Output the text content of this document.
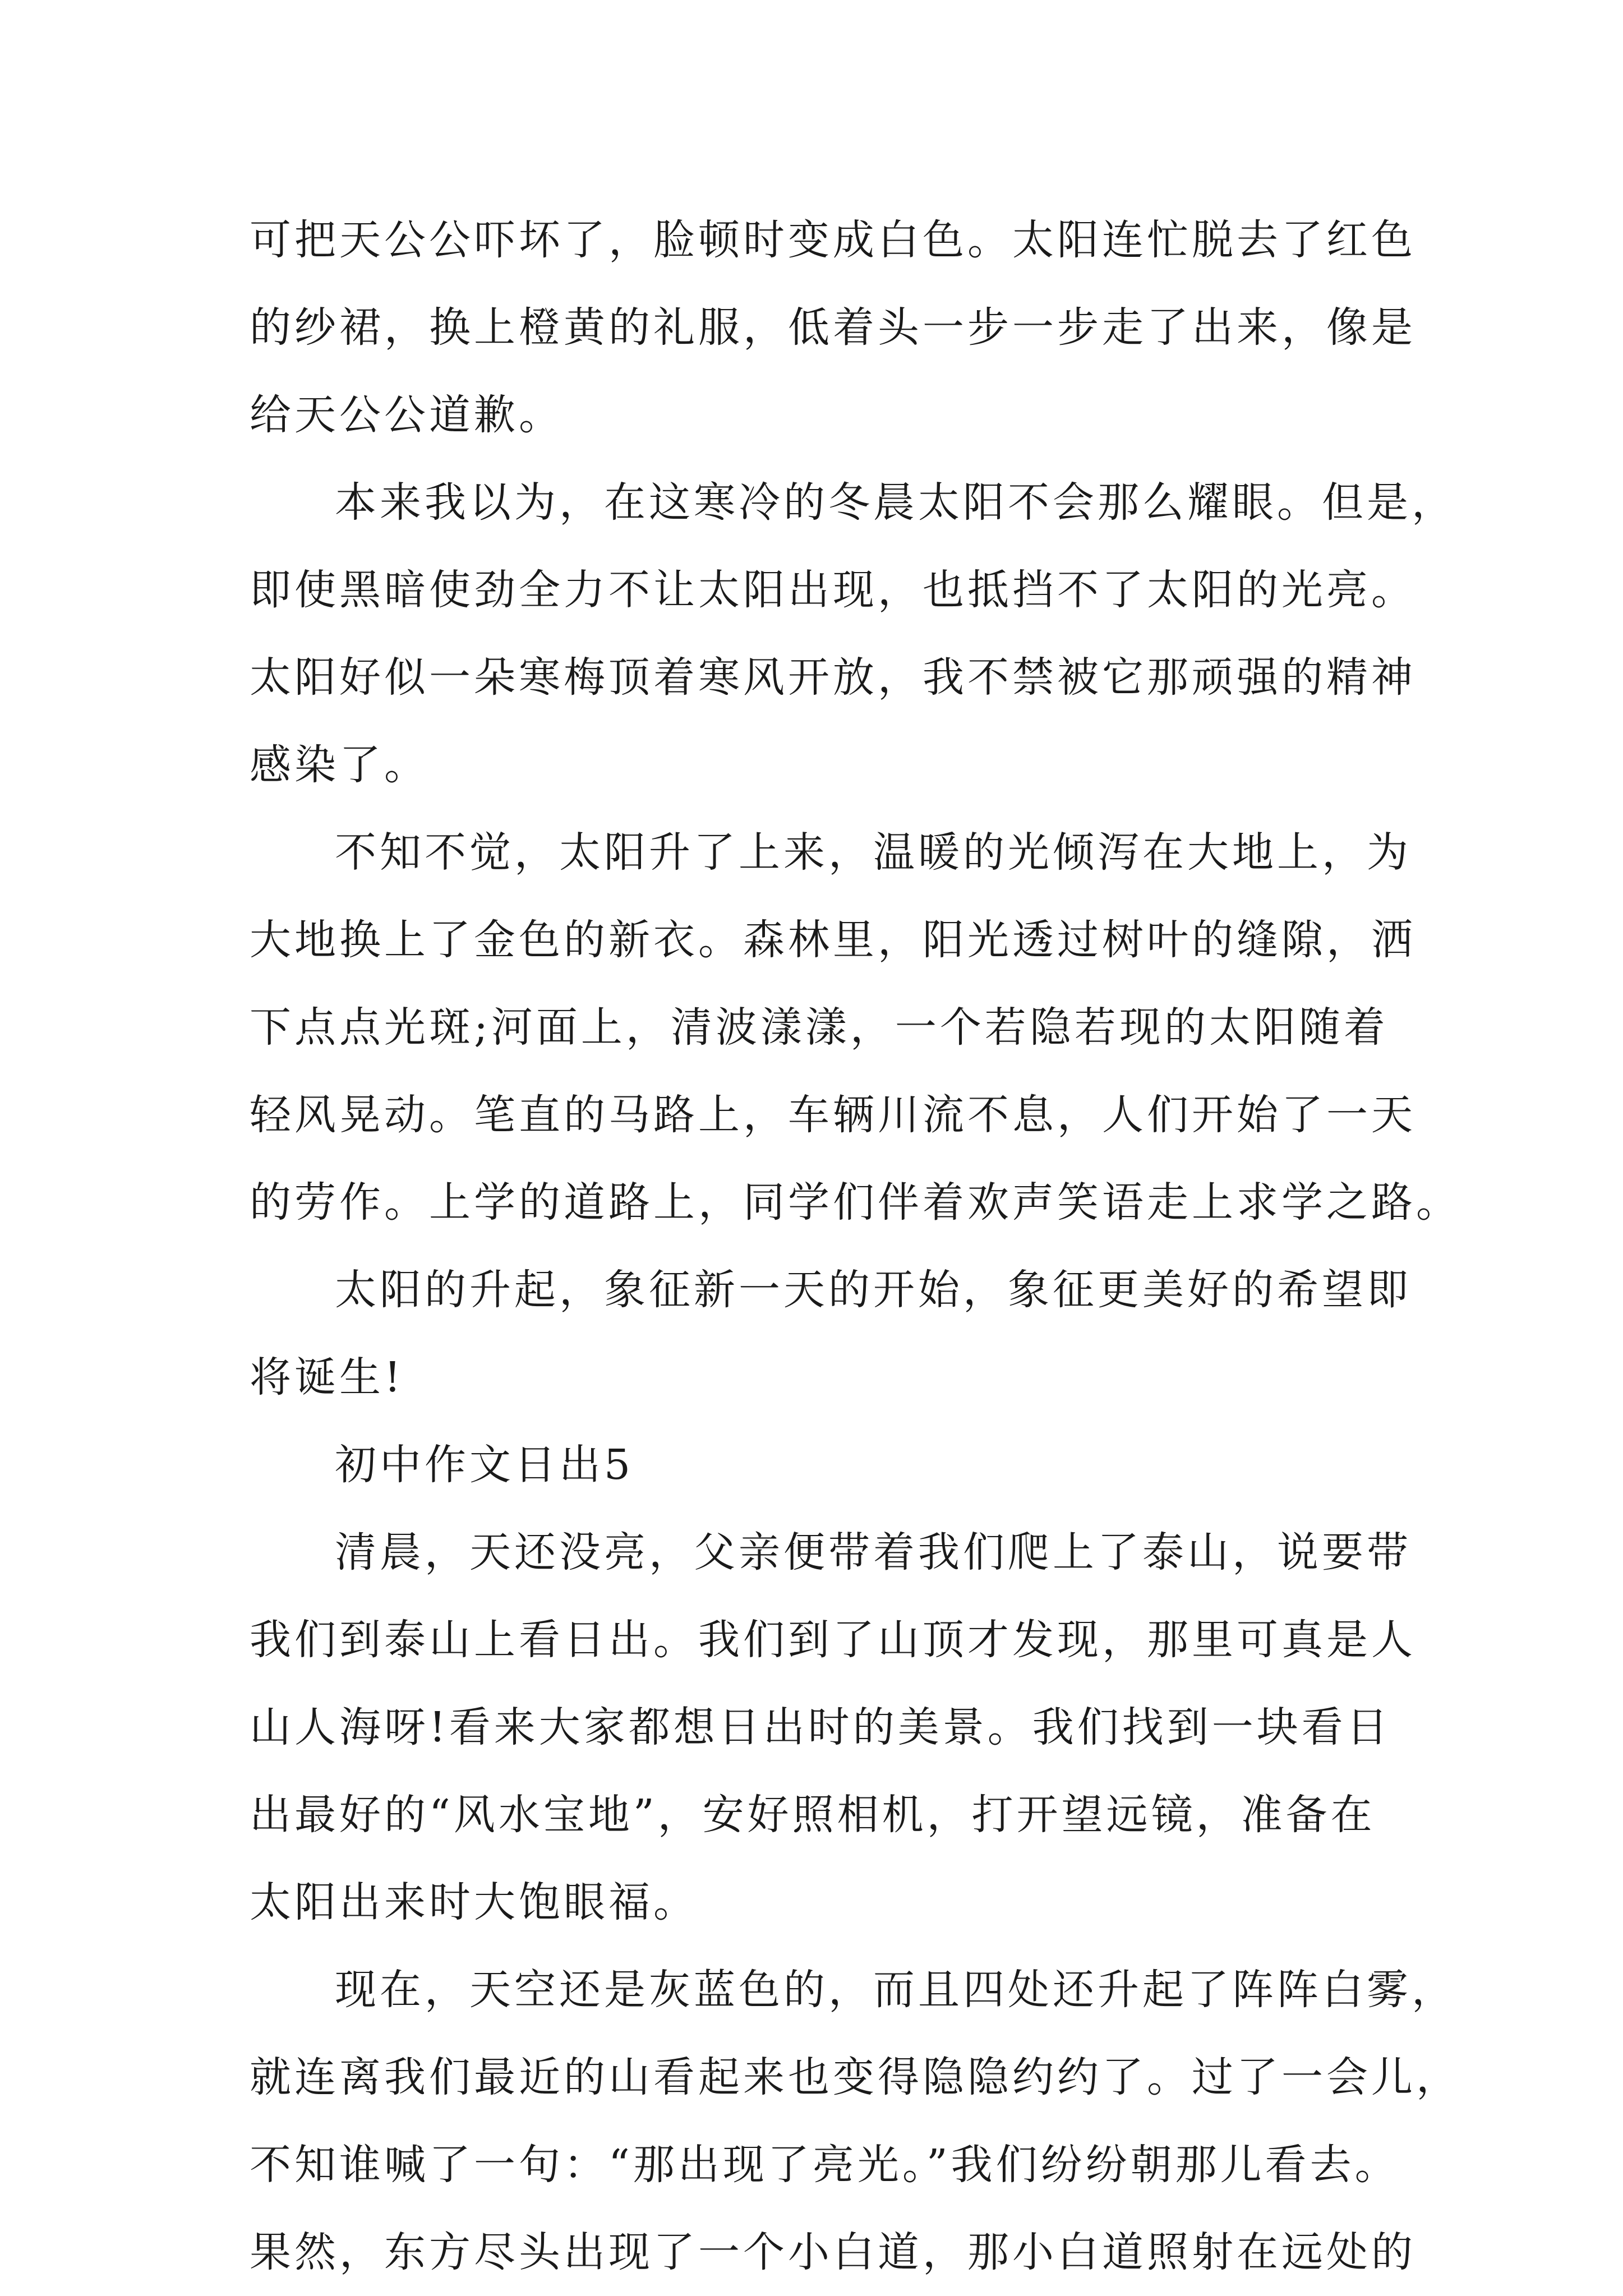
可把天公公吓坏了，脸顿时变成白色。太阳连忙脱去了红色
的纱裙，换上橙黄的礼服，低着头一步一步走了出来，像是
给天公公道歉。
本来我以为，在这寒冷的冬晨太阳不会那么耀眼。但是，
即使黑暗使劲全力不让太阳出现，也抵挡不了太阳的光亮。
太阳好似一朵寒梅顶着寒风开放，我不禁被它那顽强的精神
感染了。
不知不觉，太阳升了上来，温暖的光倾泻在大地上，为
大地换上了金色的新衣。森林里，阳光透过树叶的缝隙，洒
下点点光斑;河面上，清波漾漾，一个若隐若现的太阳随着
轻风晃动。笔直的马路上，车辆川流不息，人们开始了一天
的劳作。上学的道路上，同学们伴着欢声笑语走上求学之路。
太阳的升起，象征新一天的开始，象征更美好的希望即
将诞生!
初中作文日出5
清晨，天还没亮，父亲便带着我们爬上了泰山，说要带
我们到泰山上看日出。我们到了山顶才发现，那里可真是人
山人海呀!看来大家都想日出时的美景。我们找到一块看日
出最好的“风水宝地”，安好照相机，打开望远镜，准备在
太阳出来时大饱眼福。
现在，天空还是灰蓝色的，而且四处还升起了阵阵白雾，
就连离我们最近的山看起来也变得隐隐约约了。过了一会儿，
不知谁喊了一句：“那出现了亮光。”我们纷纷朝那儿看去。
果然，东方尽头出现了一个小白道，那小白道照射在远处的
